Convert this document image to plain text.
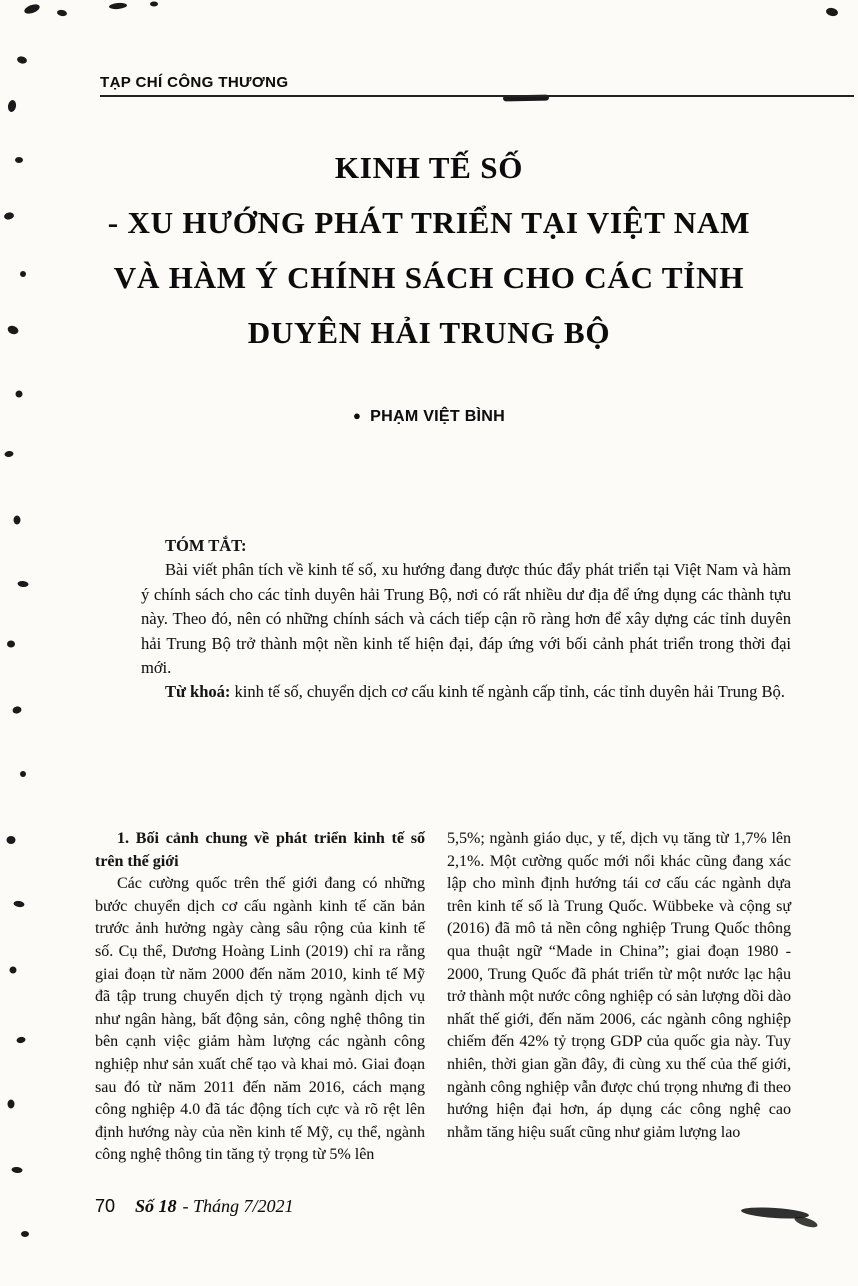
TẠP CHÍ CÔNG THƯƠNG
KINH TẾ SỐ
- XU HƯỚNG PHÁT TRIỂN TẠI VIỆT NAM
VÀ HÀM Ý CHÍNH SÁCH CHO CÁC TỈNH
DUYÊN HẢI TRUNG BỘ
● PHẠM VIỆT BÌNH

TÓM TẮT:

Bài viết phân tích về kinh tế số, xu hướng đang được thúc đẩy phát triển tại Việt Nam và hàm ý chính sách cho các tỉnh duyên hải Trung Bộ, nơi có rất nhiều dư địa để ứng dụng các thành tựu này. Theo đó, nên có những chính sách và cách tiếp cận rõ ràng hơn để xây dựng các tỉnh duyên hải Trung Bộ trở thành một nền kinh tế hiện đại, đáp ứng với bối cảnh phát triển trong thời đại mới.

Từ khoá: kinh tế số, chuyển dịch cơ cấu kinh tế ngành cấp tỉnh, các tỉnh duyên hải Trung Bộ.

1. Bối cảnh chung về phát triển kinh tế số trên thế giới

Các cường quốc trên thế giới đang có những bước chuyển dịch cơ cấu ngành kinh tế căn bản trước ảnh hưởng ngày càng sâu rộng của kinh tế số. Cụ thể, Dương Hoàng Linh (2019) chỉ ra rằng giai đoạn từ năm 2000 đến năm 2010, kinh tế Mỹ đã tập trung chuyển dịch tỷ trọng ngành dịch vụ như ngân hàng, bất động sản, công nghệ thông tin bên cạnh việc giảm hàm lượng các ngành công nghiệp như sản xuất chế tạo và khai mỏ. Giai đoạn sau đó từ năm 2011 đến năm 2016, cách mạng công nghiệp 4.0 đã tác động tích cực và rõ rệt lên định hướng này của nền kinh tế Mỹ, cụ thể, ngành công nghệ thông tin tăng tỷ trọng từ 5% lên

5,5%; ngành giáo dục, y tế, dịch vụ tăng từ 1,7% lên 2,1%. Một cường quốc mới nổi khác cũng đang xác lập cho mình định hướng tái cơ cấu các ngành dựa trên kinh tế số là Trung Quốc. Wübbeke và cộng sự (2016) đã mô tả nền công nghiệp Trung Quốc thông qua thuật ngữ “Made in China”; giai đoạn 1980 - 2000, Trung Quốc đã phát triển từ một nước lạc hậu trở thành một nước công nghiệp có sản lượng dồi dào nhất thế giới, đến năm 2006, các ngành công nghiệp chiếm đến 42% tỷ trọng GDP của quốc gia này. Tuy nhiên, thời gian gần đây, đi cùng xu thế của thế giới, ngành công nghiệp vẫn được chú trọng nhưng đi theo hướng hiện đại hơn, áp dụng các công nghệ cao nhằm tăng hiệu suất cũng như giảm lượng lao

70 Số 18 - Tháng 7/2021
